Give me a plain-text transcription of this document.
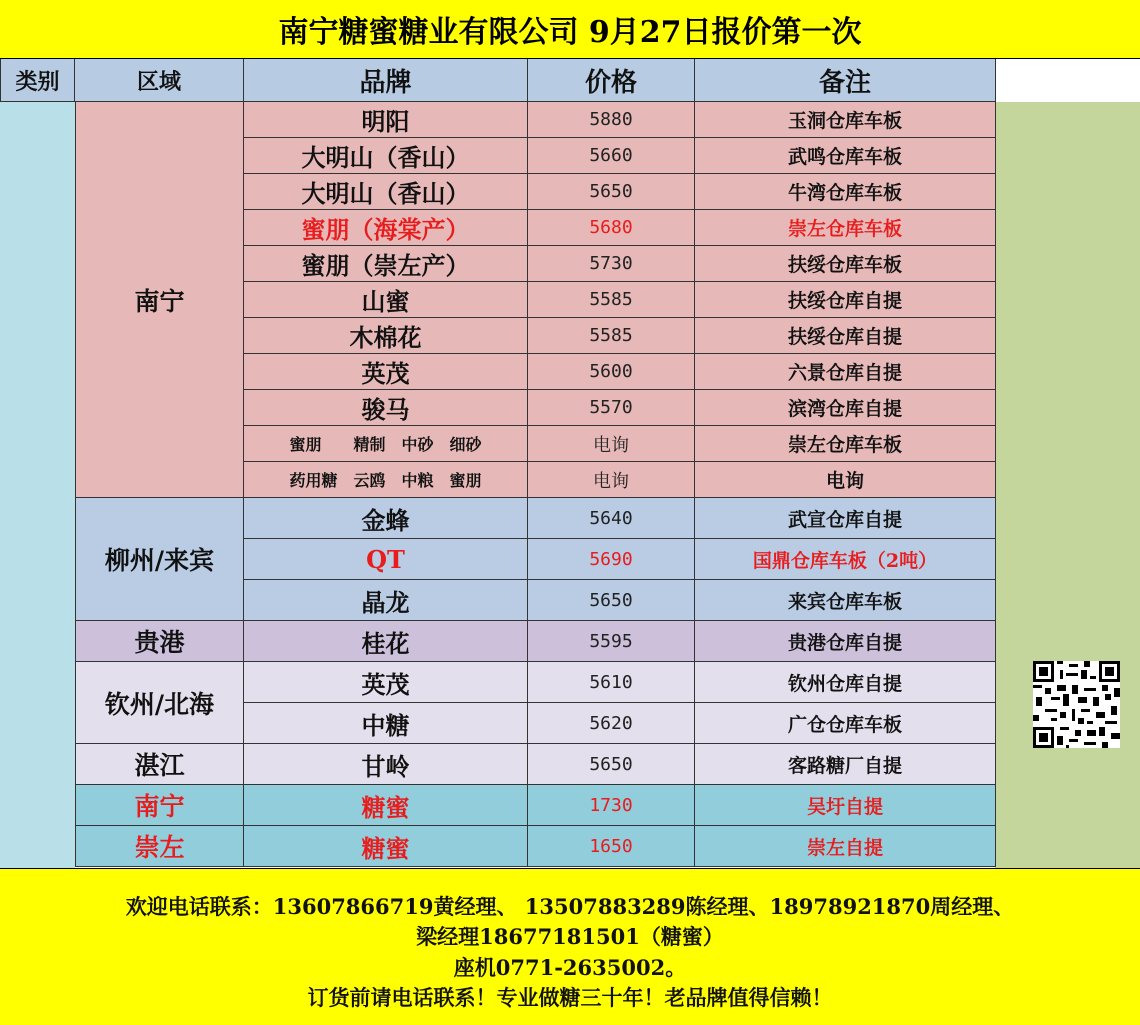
南宁糖蜜糖业有限公司 9月27日报价第一次
类别	区域	品牌	价格	备注
南宁
明阳	5880	玉洞仓库车板
大明山（香山）	5660	武鸣仓库车板
大明山（香山）	5650	牛湾仓库车板
蜜朋（海棠产）	5680	崇左仓库车板
蜜朋（崇左产）	5730	扶绥仓库车板
山蜜	5585	扶绥仓库自提
木棉花	5585	扶绥仓库自提
英茂	5600	六景仓库自提
骏马	5570	滨湾仓库自提
蜜朋　　精制　中砂　细砂	电询	崇左仓库车板
药用糖　云鸥　中粮　蜜朋	电询	电询
柳州/来宾
金蜂	5640	武宣仓库自提
QT	5690	国鼎仓库车板（2吨）
晶龙	5650	来宾仓库车板
贵港	桂花	5595	贵港仓库自提
钦州/北海
英茂	5610	钦州仓库自提
中糖	5620	广仓仓库车板
湛江	甘岭	5650	客路糖厂自提
南宁	糖蜜	1730	吴圩自提
崇左	糖蜜	1650	崇左自提
欢迎电话联系：13607866719黄经理、 13507883289陈经理、18978921870周经理、
梁经理18677181501（糖蜜）
座机0771-2635002。
订货前请电话联系！专业做糖三十年！老品牌值得信赖！
